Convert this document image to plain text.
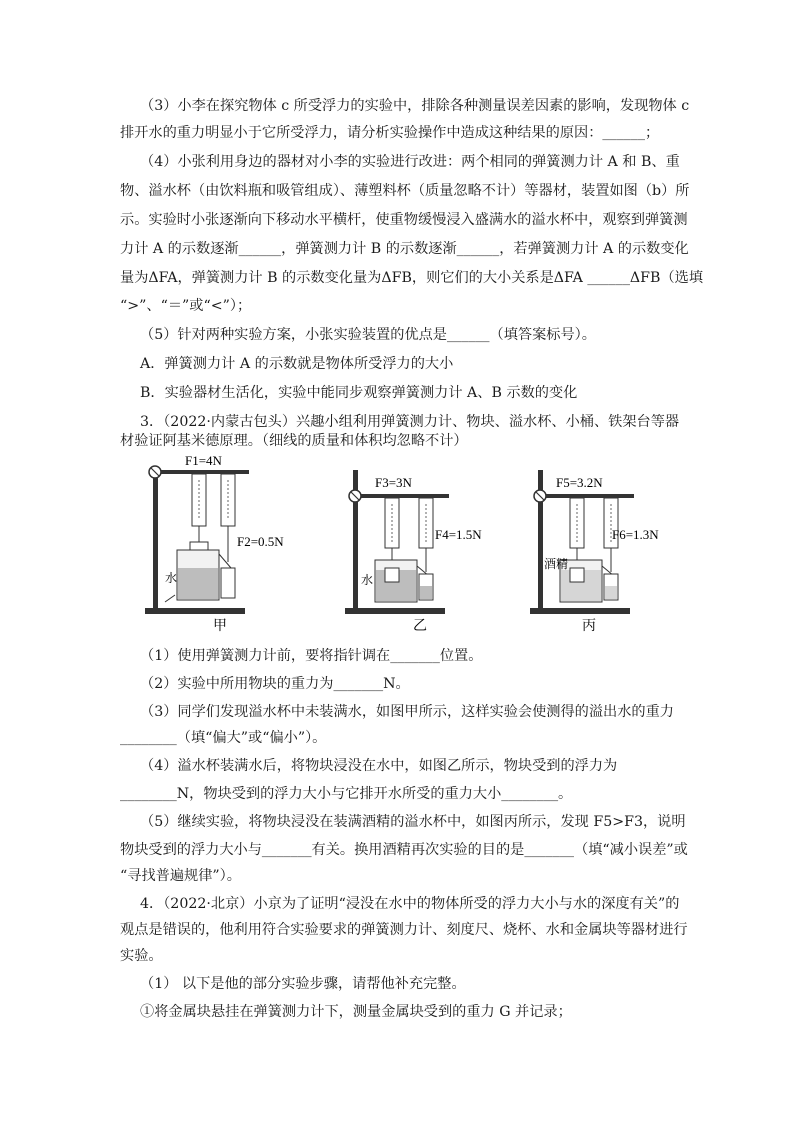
（3）小李在探究物体 c 所受浮力的实验中，排除各种测量误差因素的影响，发现物体 c
排开水的重力明显小于它所受浮力，请分析实验操作中造成这种结果的原因：______；
（4）小张利用身边的器材对小李的实验进行改进：两个相同的弹簧测力计 A 和 B、重
物、溢水杯（由饮料瓶和吸管组成）、薄塑料杯（质量忽略不计）等器材，装置如图（b）所
示。实验时小张逐渐向下移动水平横杆，使重物缓慢浸入盛满水的溢水杯中，观察到弹簧测
力计 A 的示数逐渐______，弹簧测力计 B 的示数逐渐______，若弹簧测力计 A 的示数变化
量为ΔFA，弹簧测力计 B 的示数变化量为ΔFB，则它们的大小关系是ΔFA ______ΔFB（选填
“>”、“＝”或“<”）；
（5）针对两种实验方案，小张实验装置的优点是______（填答案标号）。
A．弹簧测力计 A 的示数就是物体所受浮力的大小
B．实验器材生活化，实验中能同步观察弹簧测力计 A、B 示数的变化
3．（2022·内蒙古包头）兴趣小组利用弹簧测力计、物块、溢水杯、小桶、铁架台等器
材验证阿基米德原理。（细线的质量和体积均忽略不计）
F1=4N
水
F2=0.5N
甲
F3=3N
水
F4=1.5N
乙
F5=3.2N
酒精
F6=1.3N
丙
（1）使用弹簧测力计前，要将指针调在_______位置。
（2）实验中所用物块的重力为_______N。
（3）同学们发现溢水杯中未装满水，如图甲所示，这样实验会使测得的溢出水的重力
________（填“偏大”或“偏小”）。
（4）溢水杯装满水后，将物块浸没在水中，如图乙所示，物块受到的浮力为
________N，物块受到的浮力大小与它排开水所受的重力大小________。
（5）继续实验，将物块浸没在装满酒精的溢水杯中，如图丙所示，发现 F5>F3，说明
物块受到的浮力大小与_______有关。换用酒精再次实验的目的是_______（填“减小误差”或
“寻找普遍规律”）。
4．（2022·北京）小京为了证明“浸没在水中的物体所受的浮力大小与水的深度有关”的
观点是错误的，他利用符合实验要求的弹簧测力计、刻度尺、烧杯、水和金属块等器材进行
实验。
（1） 以下是他的部分实验步骤，请帮他补充完整。
①将金属块悬挂在弹簧测力计下，测量金属块受到的重力 G 并记录；
